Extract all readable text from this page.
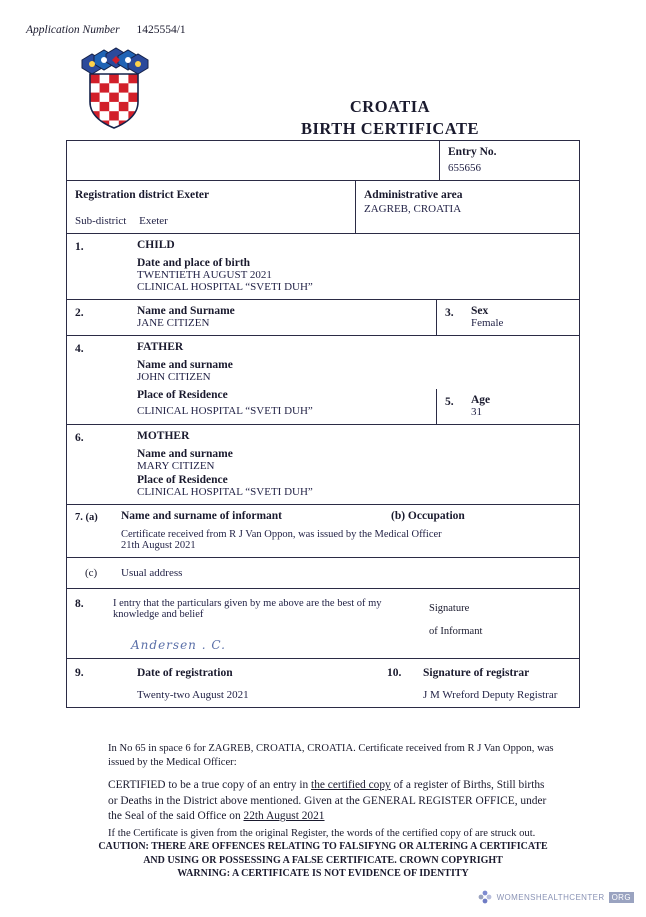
Application Number 1425554/1
CROATIA
BIRTH CERTIFICATE
Entry No.
655656
Registration district Exeter
Sub-district Exeter
Administrative area
ZAGREB, CROATIA
1.	CHILD
Date and place of birth
TWENTIETH AUGUST 2021
CLINICAL HOSPITAL “SVETI DUH”
2.	Name and Surname
JANE CITIZEN
3.	Sex
Female
4.	FATHER
Name and surname
JOHN CITIZEN

Place of Residence
CLINICAL HOSPITAL “SVETI DUH”
5.	Age
31
6.	MOTHER
Name and surname
MARY CITIZEN
Place of Residence
CLINICAL HOSPITAL “SVETI DUH”
7. (a)	Name and surname of informant	(b) Occupation
Certificate received from R J Van Oppon, was issued by the Medical Officer
21th August 2021
(c)	Usual address
8.	I entry that the particulars given by me above are the best of my knowledge and belief
Andersen . C.
Signature
of Informant
9.	Date of registration
Twenty-two August 2021
10.	Signature of registrar
J M Wreford Deputy Registrar

In No 65 in space 6 for ZAGREB, CROATIA, CROATIA. Certificate received from R J Van Oppon, was
issued by the Medical Officer:

CERTIFIED to be a true copy of an entry in the certified copy of a register of Births, Still births
or Deaths in the District above mentioned. Given at the GENERAL REGISTER OFFICE, under
the Seal of the said Office on 22th August 2021

If the Certificate is given from the original Register, the words of the certified copy of are struck out.

CAUTION: THERE ARE OFFENCES RELATING TO FALSIFYNG OR ALTERING A CERTIFICATE
AND USING OR POSSESSING A FALSE CERTIFICATE. CROWN COPYRIGHT
WARNING: A CERTIFICATE IS NOT EVIDENCE OF IDENTITY
WOMENSHEALTHCENTER ORG
